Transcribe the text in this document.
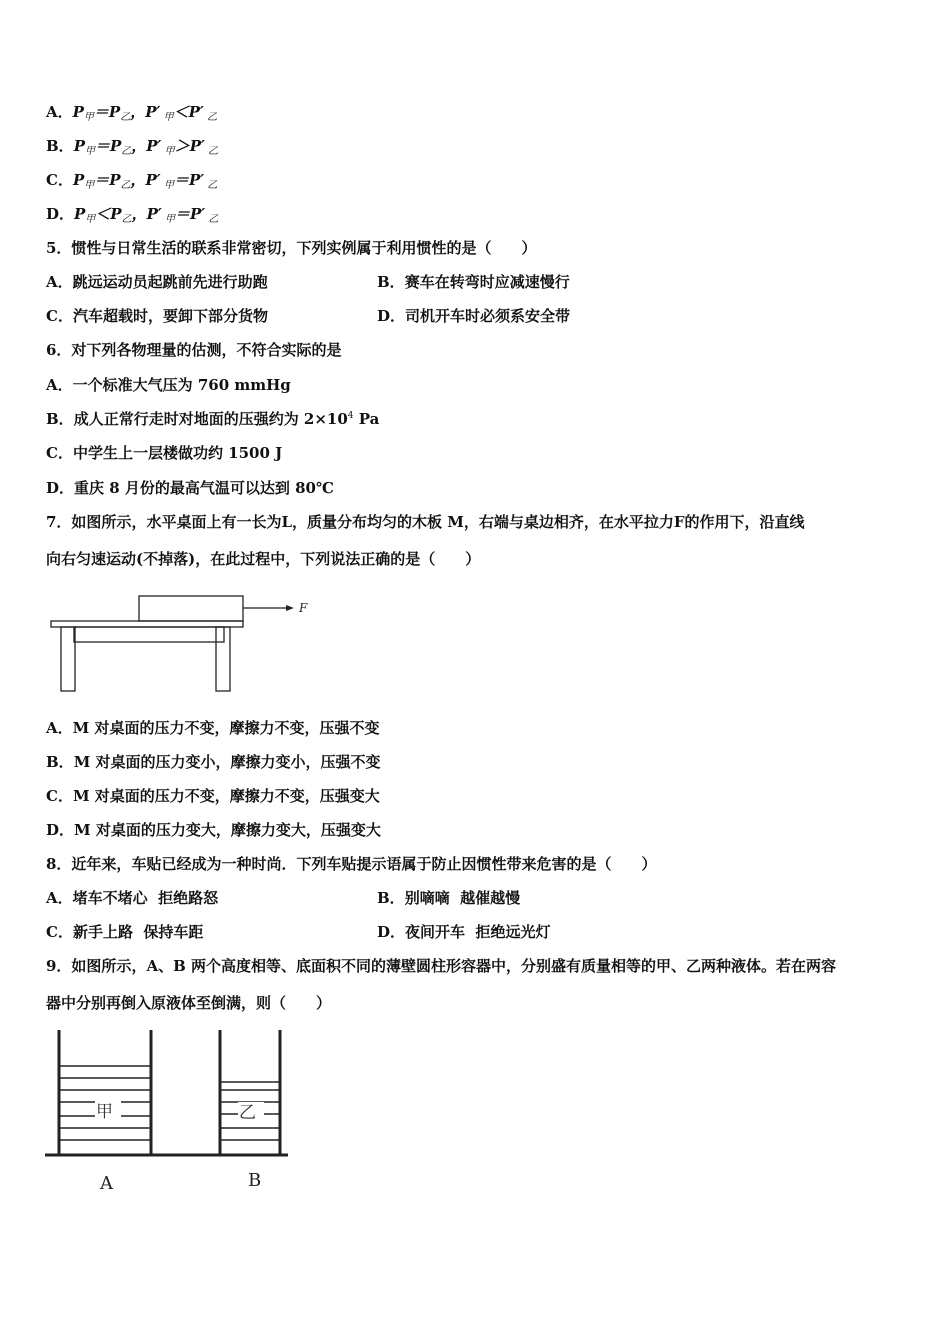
A．$P_甲=P_乙$，P′ $_甲$＜P′ $_乙$
B．$P_甲=P_乙$，P′ $_甲$＞P′ $_乙$
C．$P_甲=P_乙$，P′ $_甲$＝P′ $_乙$
D．$P_甲<P_乙$，P′ $_甲$＝P′ $_乙$
5．惯性与日常生活的联系非常密切，下列实例属于利用惯性的是（　　）
A．跳远运动员起跳前先进行助跑	B．赛车在转弯时应减速慢行
C．汽车超载时，要卸下部分货物	D．司机开车时必须系安全带
6．对下列各物理量的估测，不符合实际的是
A．一个标准大气压为 760 mmHg
B．成人正常行走时对地面的压强约为 $2\times 10^4$ Pa
C．中学生上一层楼做功约 1500 J
D．重庆 8 月份的最高气温可以达到 80℃
7．如图所示，水平桌面上有一长为L，质量分布均匀的木板 M，右端与桌边相齐，在水平拉力F的作用下，沿直线
向右匀速运动(不掉落)，在此过程中，下列说法正确的是（　　）
F
A．M 对桌面的压力不变，摩擦力不变，压强不变
B．M 对桌面的压力变小，摩擦力变小，压强不变
C．M 对桌面的压力不变，摩擦力不变，压强变大
D．M 对桌面的压力变大，摩擦力变大，压强变大
8．近年来，车贴已经成为一种时尚．下列车贴提示语属于防止因惯性带来危害的是（　　）
A．堵车不堵心  拒绝路怒	B．别嘀嘀  越催越慢
C．新手上路  保持车距	D．夜间开车  拒绝远光灯
9．如图所示，A、B 两个高度相等、底面积不同的薄壁圆柱形容器中，分别盛有质量相等的甲、乙两种液体。若在两容
器中分别再倒入原液体至倒满，则（　　）
甲	乙
A	B
